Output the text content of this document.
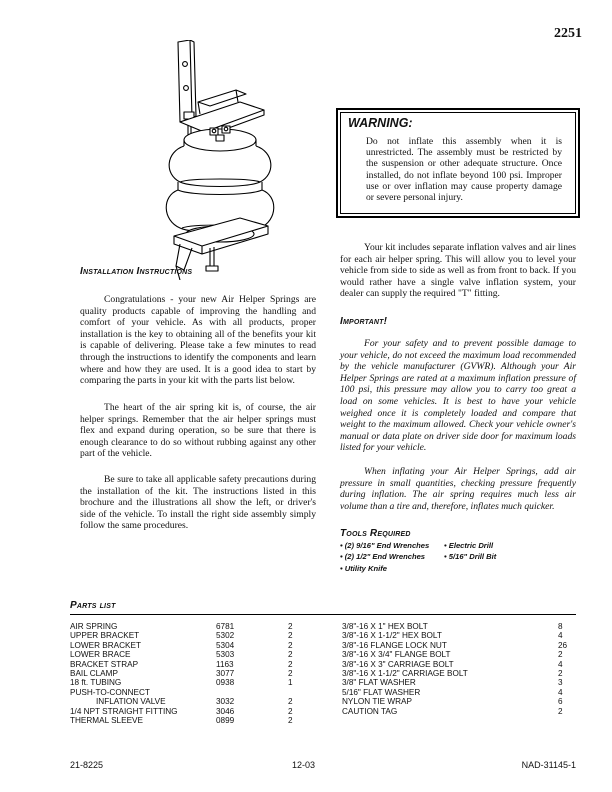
2251
WARNING:
Do not inflate this assembly when it is unrestricted. The assembly must be restricted by the suspension or other adequate structure. Once installed, do not inflate beyond 100 psi. Improper use or over inflation may cause property damage or severe personal injury.
Installation Instructions

Congratulations - your new Air Helper Springs are quality products capable of improving the handling and comfort of your vehicle. As with all products, proper installation is the key to obtaining all of the benefits your kit is capable of delivering. Please take a few minutes to read through the instructions to identify the components and learn where and how they are used. It is a good idea to start by comparing the parts in your kit with the parts list below.

The heart of the air spring kit is, of course, the air helper springs. Remember that the air helper springs must flex and expand during operation, so be sure that there is enough clearance to do so without rubbing against any other part of the vehicle.

Be sure to take all applicable safety precautions during the installation of the kit. The instructions listed in this brochure and the illustrations all show the left, or driver's side of the vehicle. To install the right side assembly simply follow the same procedures.

Your kit includes separate inflation valves and air lines for each air helper spring. This will allow you to level your vehicle from side to side as well as from front to back. If you would rather have a single valve inflation system, your dealer can supply the required "T" fitting.

Important!

For your safety and to prevent possible damage to your vehicle, do not exceed the maximum load recommended by the vehicle manufacturer (GVWR). Although your Air Helper Springs are rated at a maximum inflation pressure of 100 psi, this pressure may allow you to carry too great a load on some vehicles. It is best to have your vehicle weighed once it is completely loaded and compare that weight to the maximum allowed. Check your vehicle owner's manual or data plate on driver side door for maximum loads listed for your vehicle.

When inflating your Air Helper Springs, add air pressure in small quantities, checking pressure frequently during inflation. The air spring requires much less air volume than a tire and, therefore, inflates much quicker.

Tools Required
• (2) 9/16" End Wrenches	• Electric Drill
• (2) 1/2" End Wrenches	• 5/16" Drill Bit
• Utility Knife
Parts list
AIR SPRING	6781	2	3/8"-16 X 1" HEX BOLT	8
UPPER BRACKET	5302	2	3/8"-16 X 1-1/2" HEX BOLT	4
LOWER BRACKET	5304	2	3/8"-16 FLANGE LOCK NUT	26
LOWER BRACE	5303	2	3/8"-16 X 3/4" FLANGE BOLT	2
BRACKET STRAP	1163	2	3/8"-16 X 3" CARRIAGE BOLT	4
BAIL CLAMP	3077	2	3/8"-16 X 1-1/2" CARRIAGE BOLT	2
18 ft. TUBING	0938	1	3/8" FLAT WASHER	3
PUSH-TO-CONNECT	5/16" FLAT WASHER	4
INFLATION VALVE	3032	2	NYLON TIE WRAP	6
1/4 NPT STRAIGHT FITTING	3046	2	CAUTION TAG	2
THERMAL SLEEVE	0899	2
21-8225	12-03	NAD-31145-1
